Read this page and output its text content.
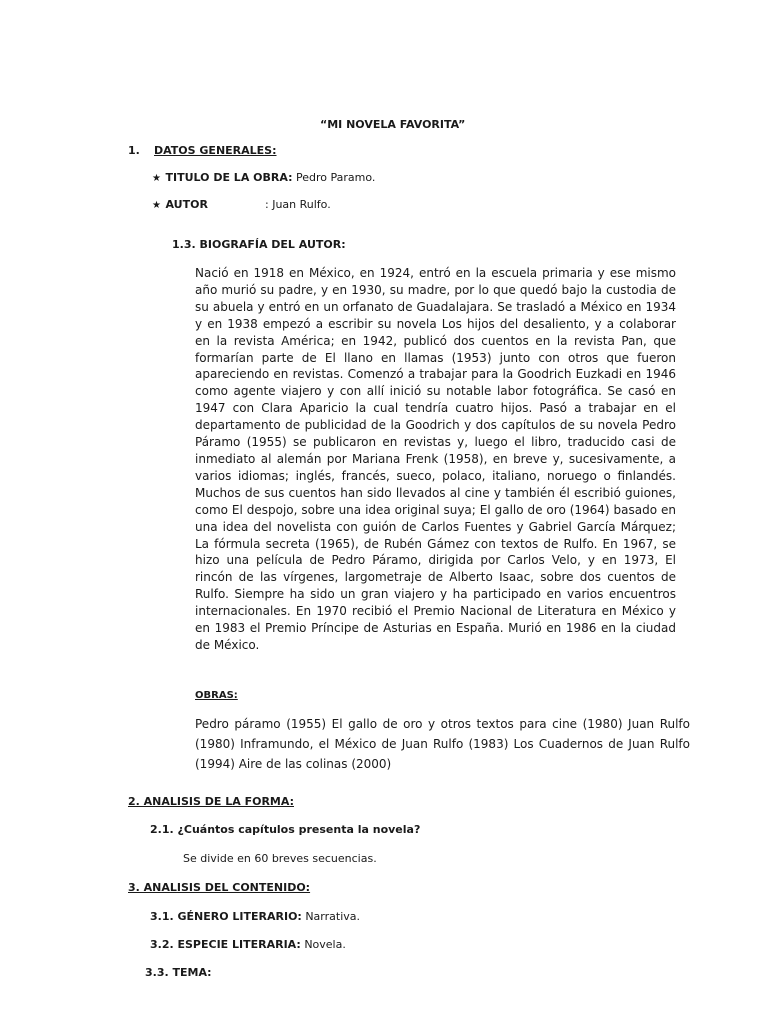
“MI NOVELA FAVORITA”
1. DATOS GENERALES:
★ TITULO DE LA OBRA: Pedro Paramo.
★ AUTOR	: Juan Rulfo.
1.3. BIOGRAFÍA DEL AUTOR:
Nació en 1918 en México, en 1924, entró en la escuela primaria y ese mismo año murió su padre, y en 1930, su madre, por lo que quedó bajo la custodia de su abuela y entró en un orfanato de Guadalajara. Se trasladó a México en 1934 y en 1938 empezó a escribir su novela Los hijos del desaliento, y a colaborar en la revista América; en 1942, publicó dos cuentos en la revista Pan, que formarían parte de El llano en llamas (1953) junto con otros que fueron apareciendo en revistas. Comenzó a trabajar para la Goodrich Euzkadi en 1946 como agente viajero y con allí inició su notable labor fotográfica. Se casó en 1947 con Clara Aparicio la cual tendría cuatro hijos. Pasó a trabajar en el departamento de publicidad de la Goodrich y dos capítulos de su novela Pedro Páramo (1955) se publicaron en revistas y, luego el libro, traducido casi de inmediato al alemán por Mariana Frenk (1958), en breve y, sucesivamente, a varios idiomas; inglés, francés, sueco, polaco, italiano, noruego o finlandés. Muchos de sus cuentos han sido llevados al cine y también él escribió guiones, como El despojo, sobre una idea original suya; El gallo de oro (1964) basado en una idea del novelista con guión de Carlos Fuentes y Gabriel García Márquez; La fórmula secreta (1965), de Rubén Gámez con textos de Rulfo. En 1967, se hizo una película de Pedro Páramo, dirigida por Carlos Velo, y en 1973, El rincón de las vírgenes, largometraje de Alberto Isaac, sobre dos cuentos de Rulfo. Siempre ha sido un gran viajero y ha participado en varios encuentros internacionales. En 1970 recibió el Premio Nacional de Literatura en México y en 1983 el Premio Príncipe de Asturias en España. Murió en 1986 en la ciudad de México.
OBRAS:
Pedro páramo (1955) El gallo de oro y otros textos para cine (1980) Juan Rulfo (1980) Inframundo, el México de Juan Rulfo (1983) Los Cuadernos de Juan Rulfo (1994) Aire de las colinas (2000)
2. ANALISIS DE LA FORMA:
2.1. ¿Cuántos capítulos presenta la novela?
Se divide en 60 breves secuencias.
3. ANALISIS DEL CONTENIDO:
3.1. GÉNERO LITERARIO: Narrativa.
3.2. ESPECIE LITERARIA: Novela.
3.3. TEMA:
